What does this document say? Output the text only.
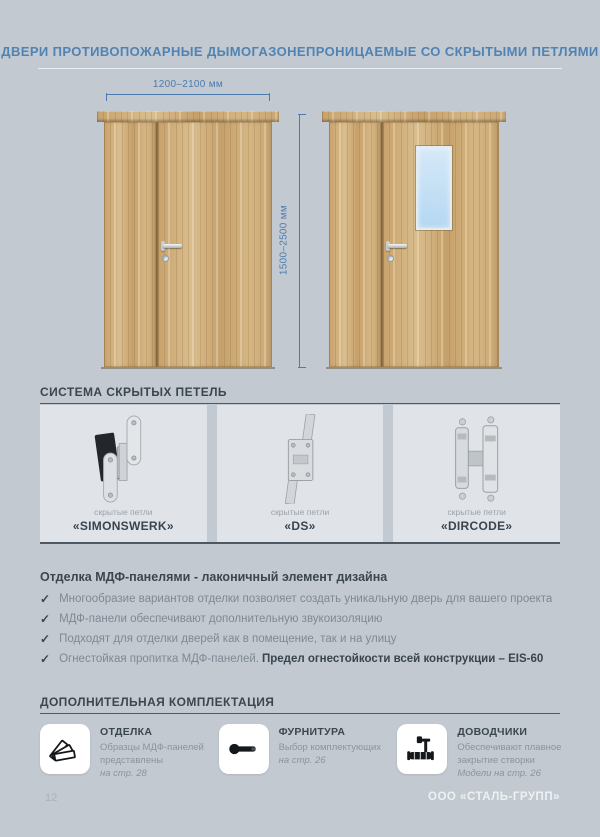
ДВЕРИ ПРОТИВОПОЖАРНЫЕ ДЫМОГАЗОНЕПРОНИЦАЕМЫЕ СО СКРЫТЫМИ ПЕТЛЯМИ
1200–2100 мм
1500–2500 мм
СИСТЕМА СКРЫТЫХ ПЕТЕЛЬ
скрытые петли
«SIMONSWERK»
скрытые петли
«DS»
скрытые петли
«DIRCODE»
Отделка МДФ-панелями - лаконичный элемент дизайна
✓ Многообразие вариантов отделки позволяет создать уникальную дверь для вашего проекта
✓ МДФ-панели обеспечивают дополнительную звукоизоляцию
✓ Подходят для отделки дверей как в помещение, так и на улицу
✓ Огнестойкая пропитка МДФ-панелей. Предел огнестойкости всей конструкции – EIS-60
ДОПОЛНИТЕЛЬНАЯ КОМПЛЕКТАЦИЯ
ОТДЕЛКА
Образцы МДФ-панелей
представлены
на стр. 28
ФУРНИТУРА
Выбор комплектующих
на стр. 26
ДОВОДЧИКИ
Обеспечивают плавное
закрытие створки
Модели на стр. 26
12	ООО «СТАЛЬ-ГРУПП»
